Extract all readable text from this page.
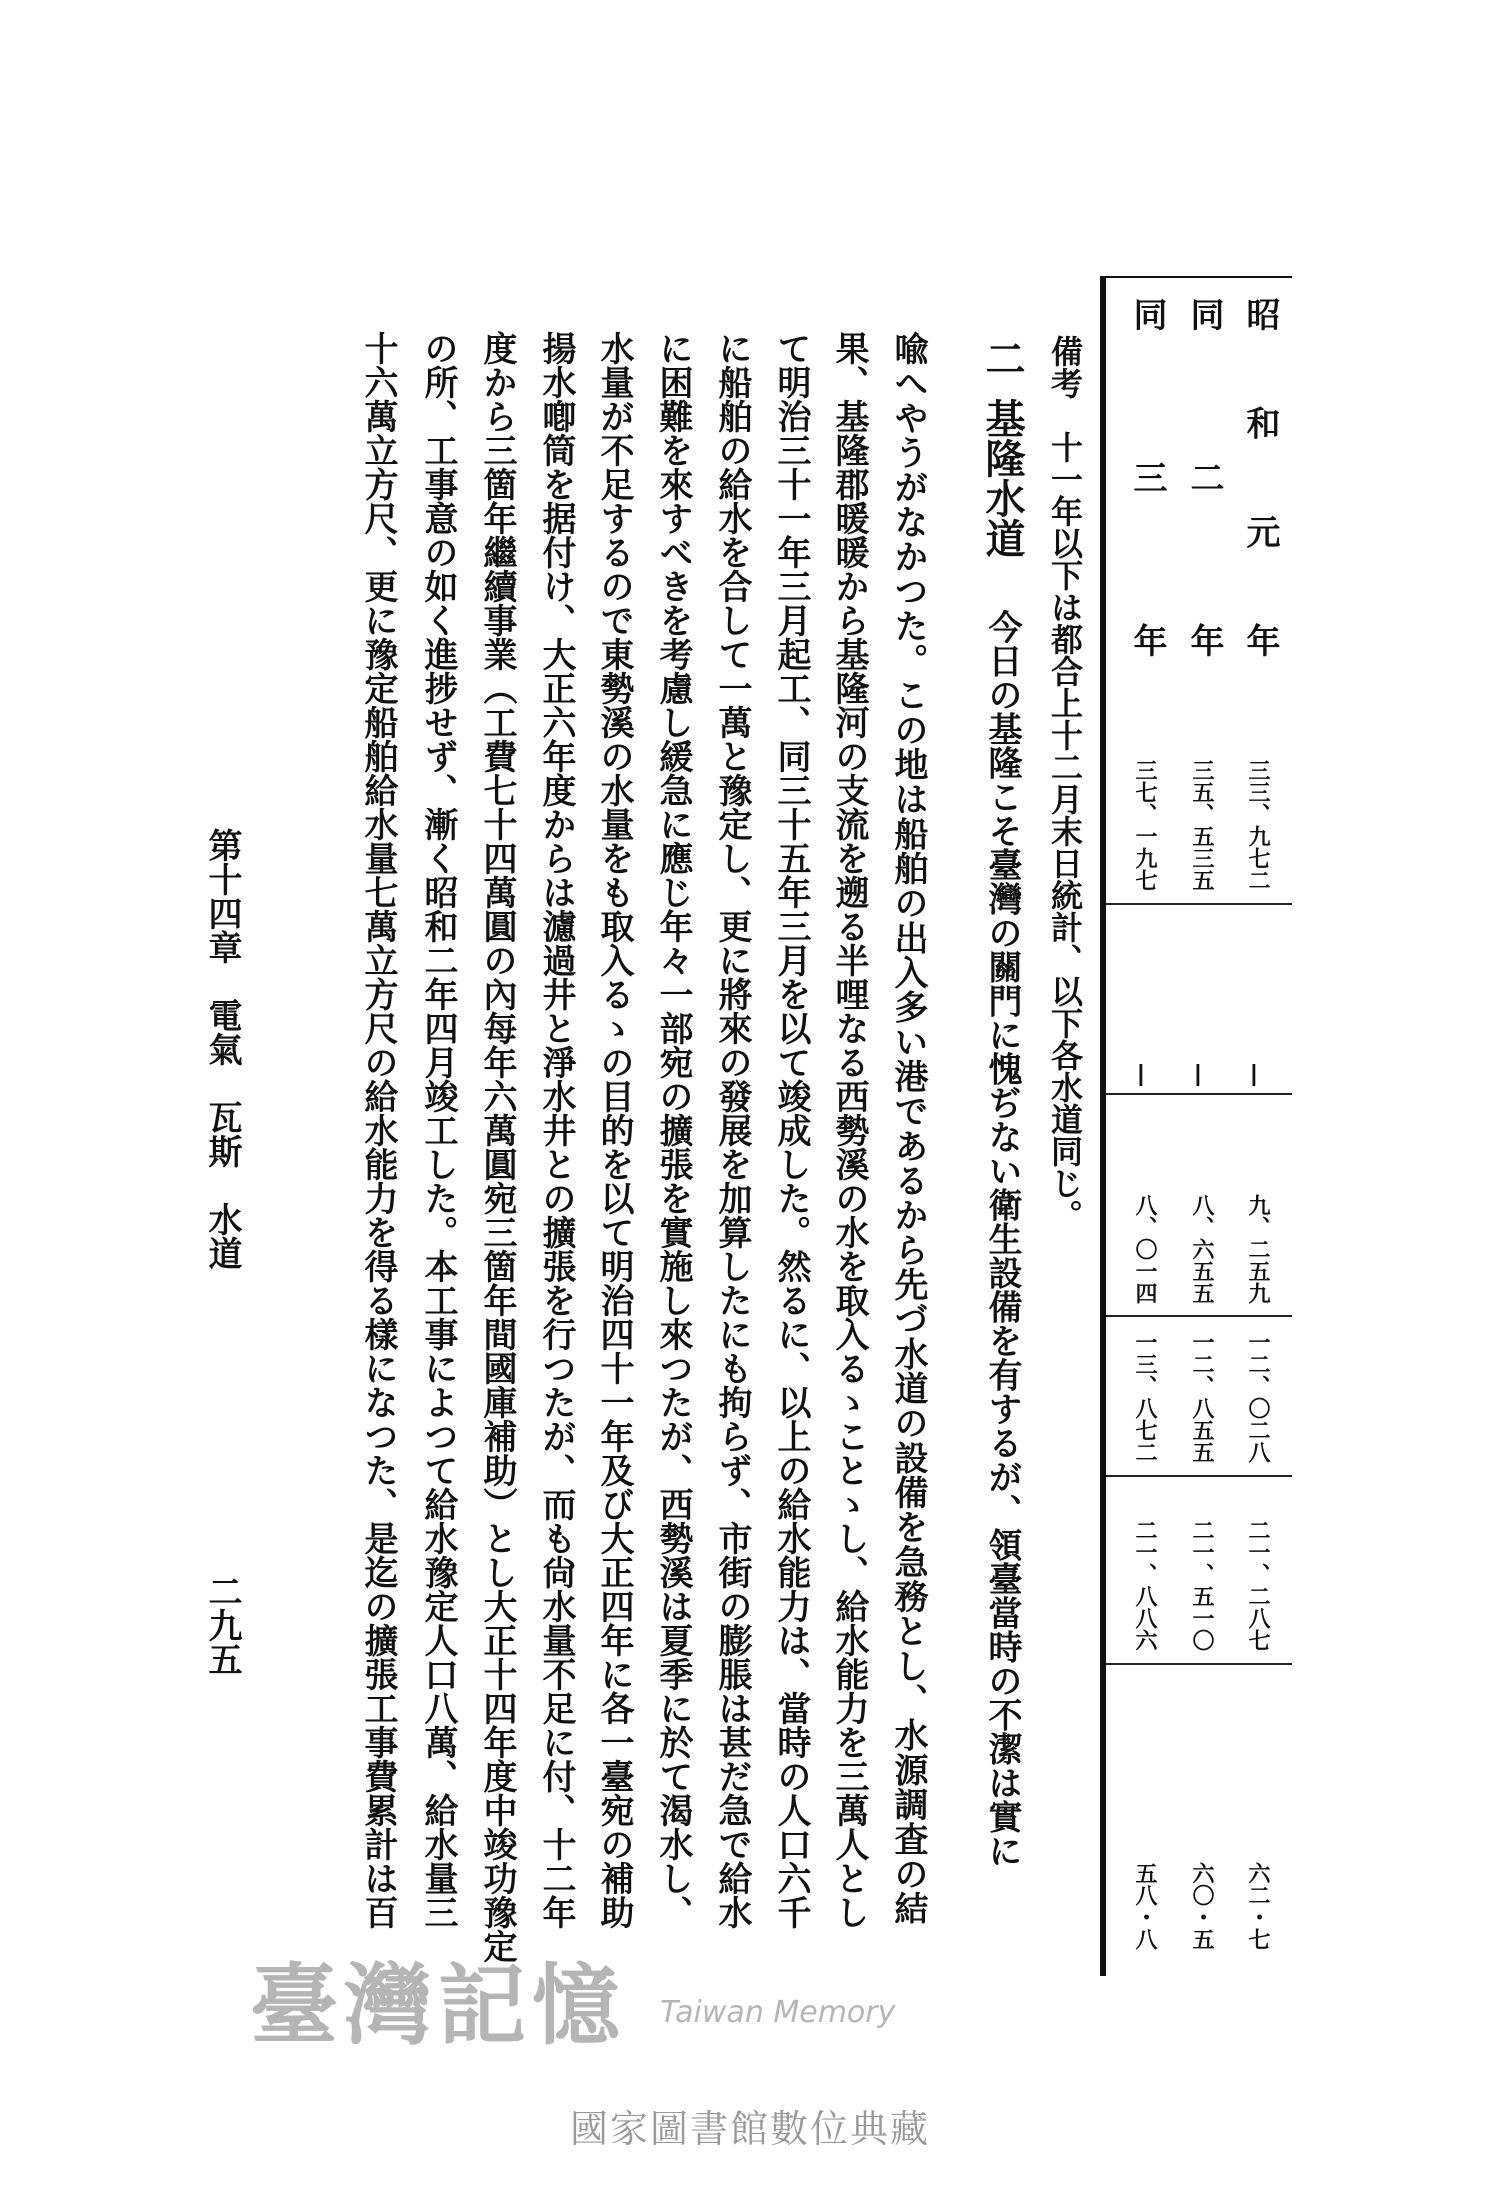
昭和元年
三三、九七二
―
九、二五九
一二、〇二八
二一、二八七
六二・七
同二年
三五、五三五
―
八、六五五
一二、八五五
二一、五一〇
六〇・五
同三年
三七、一九七
―
八、〇一四
一三、八七二
二一、八八六
五八・八
備考　十一年以下は都合上十二月末日統計、以下各水道同じ。
二 基隆水道 今日の基隆こそ臺灣の關門に愧ぢない衛生設備を有するが、領臺當時の不潔は實に
喩へやうがなかつた。この地は船舶の出入多い港であるから先づ水道の設備を急務とし、水源調査の結
果、基隆郡暖暖から基隆河の支流を遡る半哩なる西勢溪の水を取入るゝことゝし、給水能力を三萬人とし
て明治三十一年三月起工、同三十五年三月を以て竣成した。然るに、以上の給水能力は、當時の人口六千
に船舶の給水を合して一萬と豫定し、更に將來の發展を加算したにも拘らず、市街の膨脹は甚だ急で給水
に困難を來すべきを考慮し緩急に應じ年々一部宛の擴張を實施し來つたが、西勢溪は夏季に於て渴水し、
水量が不足するので東勢溪の水量をも取入るゝの目的を以て明治四十一年及び大正四年に各一臺宛の補助
揚水喞筒を据付け、大正六年度からは濾過井と淨水井との擴張を行つたが、而も尙水量不足に付、十二年
度から三箇年繼續事業（工費七十四萬圓の內每年六萬圓宛三箇年間國庫補助）とし大正十四年度中竣功豫定
の所、工事意の如く進捗せず、漸く昭和二年四月竣工した。本工事によつて給水豫定人口八萬、給水量三
十六萬立方尺、更に豫定船舶給水量七萬立方尺の給水能力を得る樣になつた、是迄の擴張工事費累計は百
第十四章　電氣　瓦斯　水道
二九五
臺灣記憶 Taiwan Memory
國家圖書館數位典藏
